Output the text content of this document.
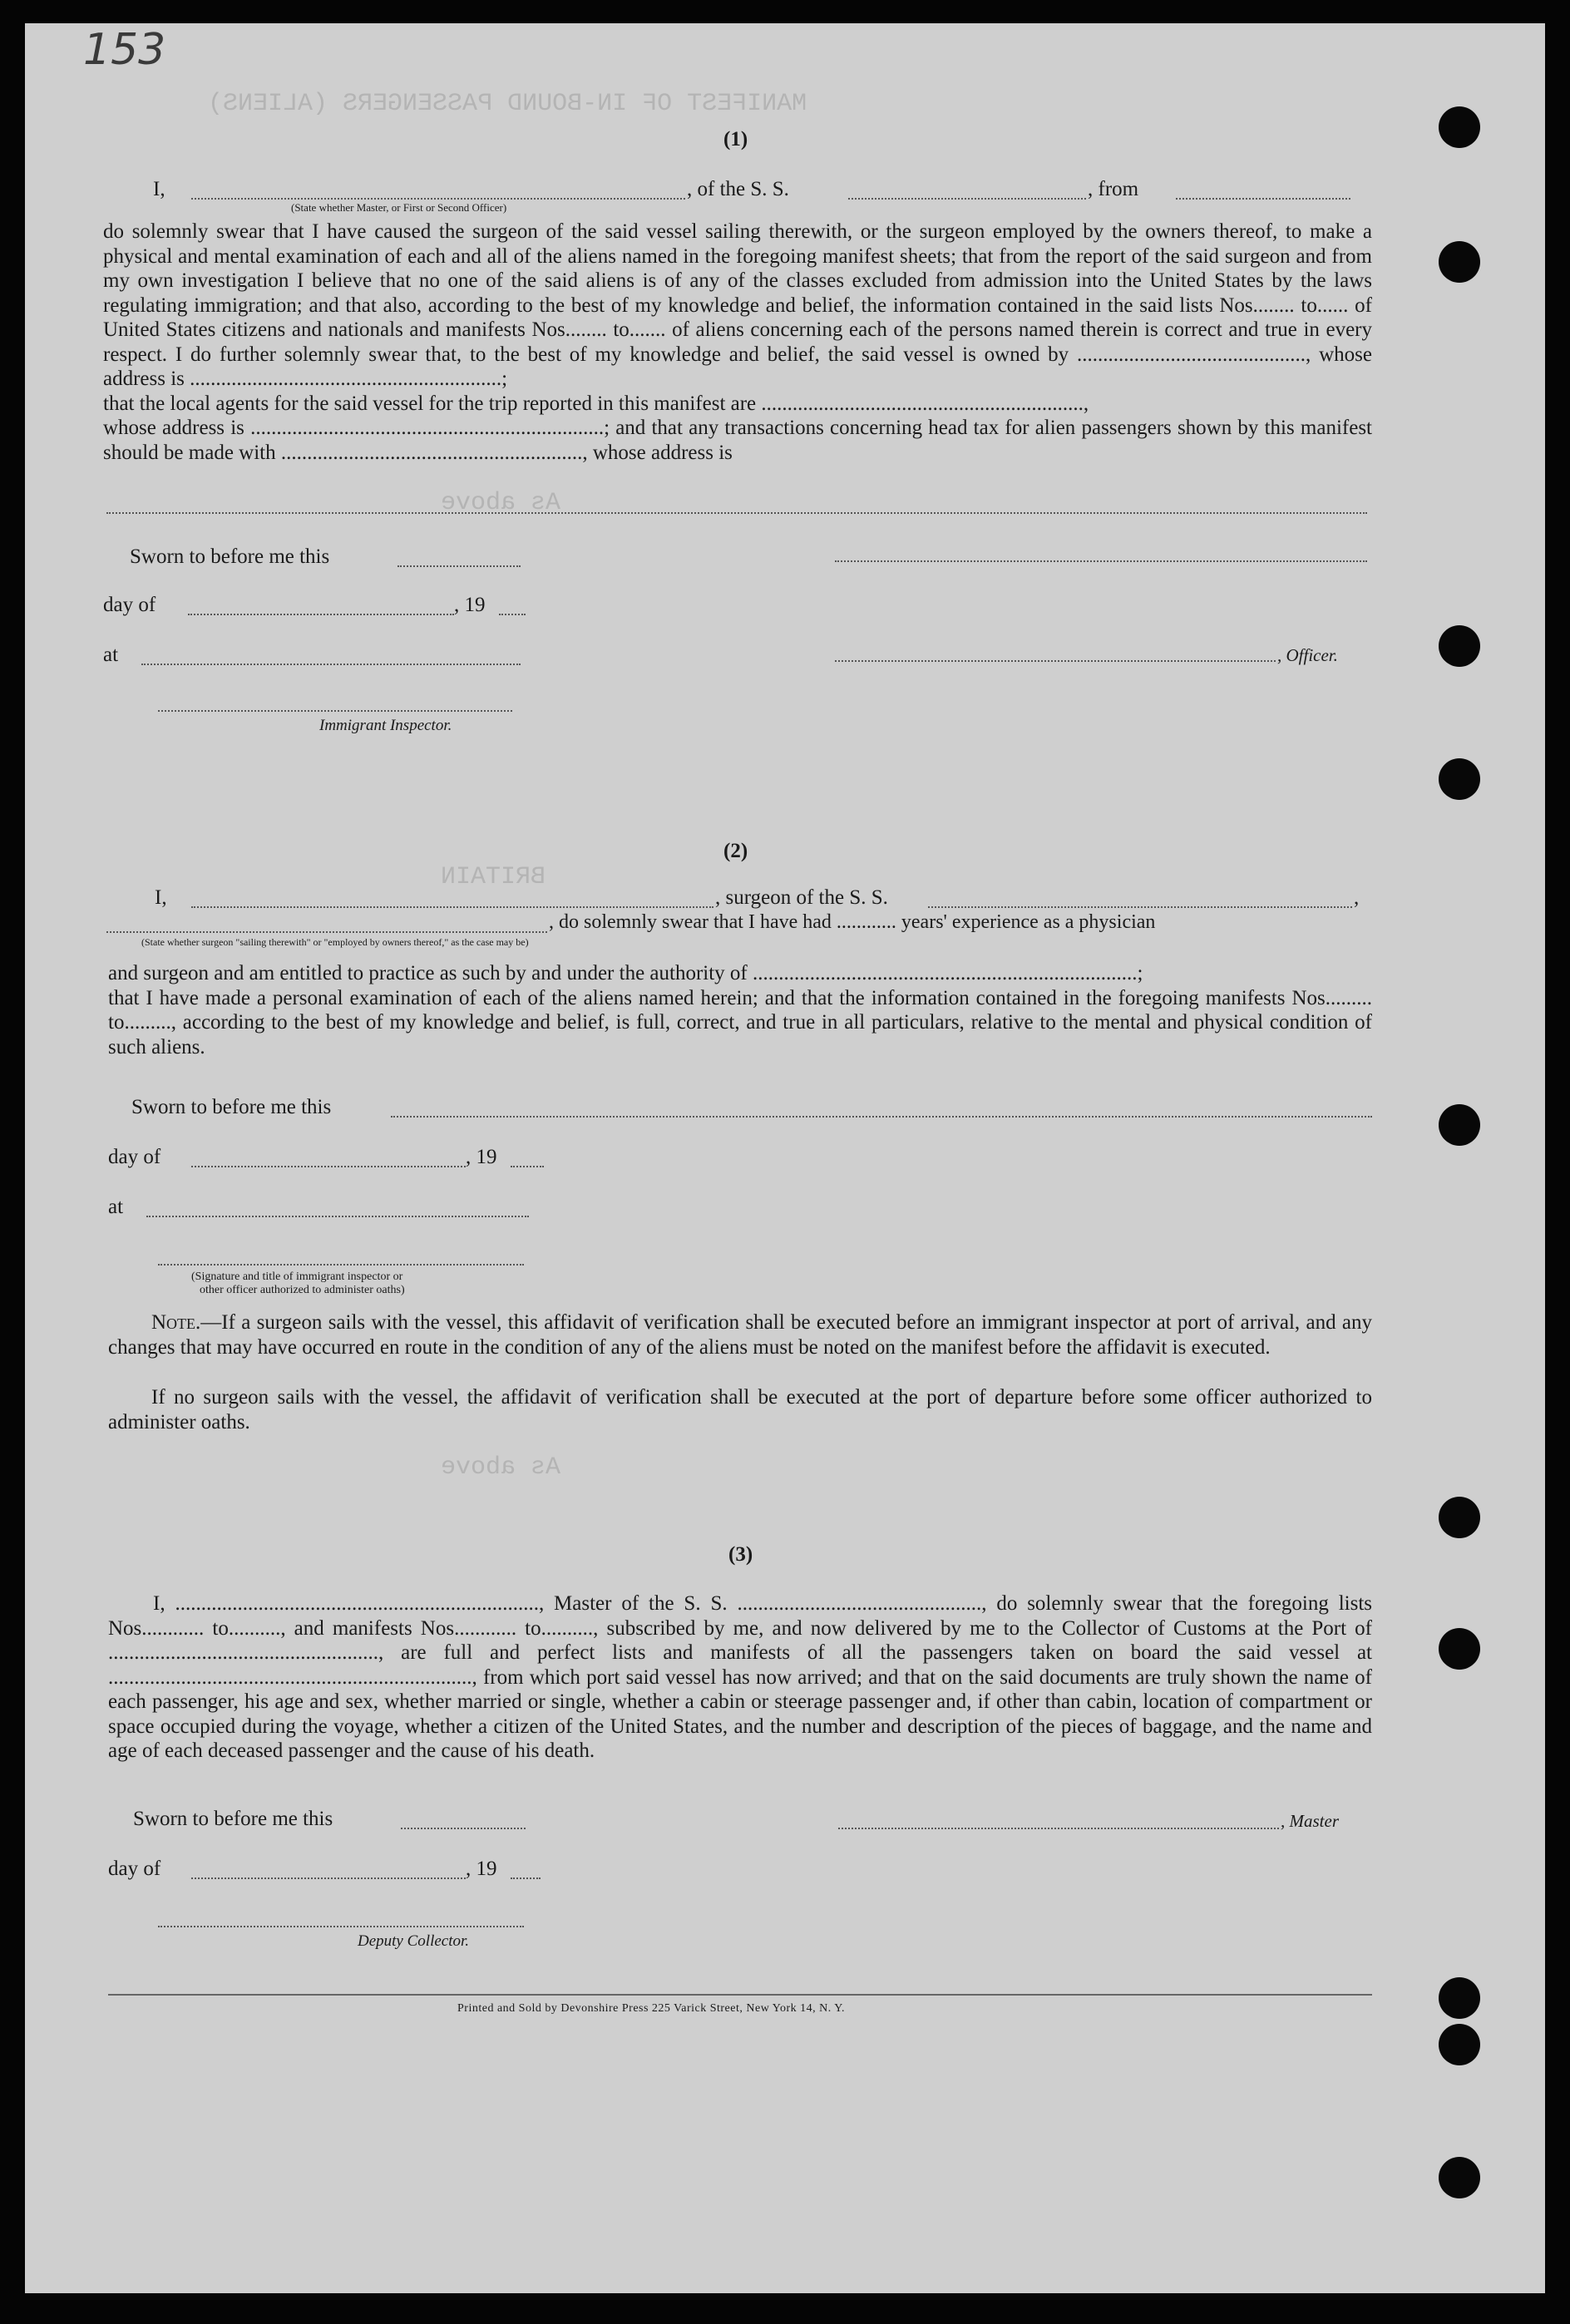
153
MANIFEST OF IN-BOUND PASSENGERS (ALIENS)
As above
BRITAIN
As above
(1)
I,	, of the S. S.	, from
(State whether Master, or First or Second Officer)
do solemnly swear that I have caused the surgeon of the said vessel sailing therewith, or the surgeon employed by the owners thereof, to make a physical and mental examination of each and all of the aliens named in the foregoing manifest sheets; that from the report of the said surgeon and from my own investigation I believe that no one of the said aliens is of any of the classes excluded from admission into the United States by the laws regulating immigration; and that also, according to the best of my knowledge and belief, the information contained in the said lists Nos........ to...... of United States citizens and nationals and manifests Nos........ to....... of aliens concerning each of the persons named therein is correct and true in every respect. I do further solemnly swear that, to the best of my knowledge and belief, the said vessel is owned by ............................................, whose address is ............................................................;
that the local agents for the said vessel for the trip reported in this manifest are ..............................................................,
whose address is ....................................................................; and that any transactions concerning head tax for alien passengers shown by this manifest should be made with .........................................................., whose address is
Sworn to before me this
day of	, 19
at	, Officer.
Immigrant Inspector.
(2)
I,	, surgeon of the S. S.	,
, do solemnly swear that I have had ............ years' experience as a physician
(State whether surgeon "sailing therewith" or "employed by owners thereof," as the case may be)
and surgeon and am entitled to practice as such by and under the authority of ..........................................................................;
that I have made a personal examination of each of the aliens named herein; and that the information contained in the foregoing manifests Nos......... to........., according to the best of my knowledge and belief, is full, correct, and true in all particulars, relative to the mental and physical condition of such aliens.
Sworn to before me this
day of	, 19
at
(Signature and title of immigrant inspector or
other officer authorized to administer oaths)
Note.—If a surgeon sails with the vessel, this affidavit of verification shall be executed before an immigrant inspector at port of arrival, and any changes that may have occurred en route in the condition of any of the aliens must be noted on the manifest before the affidavit is executed.
If no surgeon sails with the vessel, the affidavit of verification shall be executed at the port of departure before some officer authorized to administer oaths.
(3)
I, ......................................................................, Master of the S. S. ..............................................., do solemnly swear that the foregoing lists Nos............ to.........., and manifests Nos............ to.........., subscribed by me, and now delivered by me to the Collector of Customs at the Port of ...................................................., are full and perfect lists and manifests of all the passengers taken on board the said vessel at ......................................................................, from which port said vessel has now arrived; and that on the said documents are truly shown the name of each passenger, his age and sex, whether married or single, whether a cabin or steerage passenger and, if other than cabin, location of compartment or space occupied during the voyage, whether a citizen of the United States, and the number and description of the pieces of baggage, and the name and age of each deceased passenger and the cause of his death.
Sworn to before me this	, Master
day of	, 19
Deputy Collector.
Printed and Sold by Devonshire Press 225 Varick Street, New York 14, N. Y.
